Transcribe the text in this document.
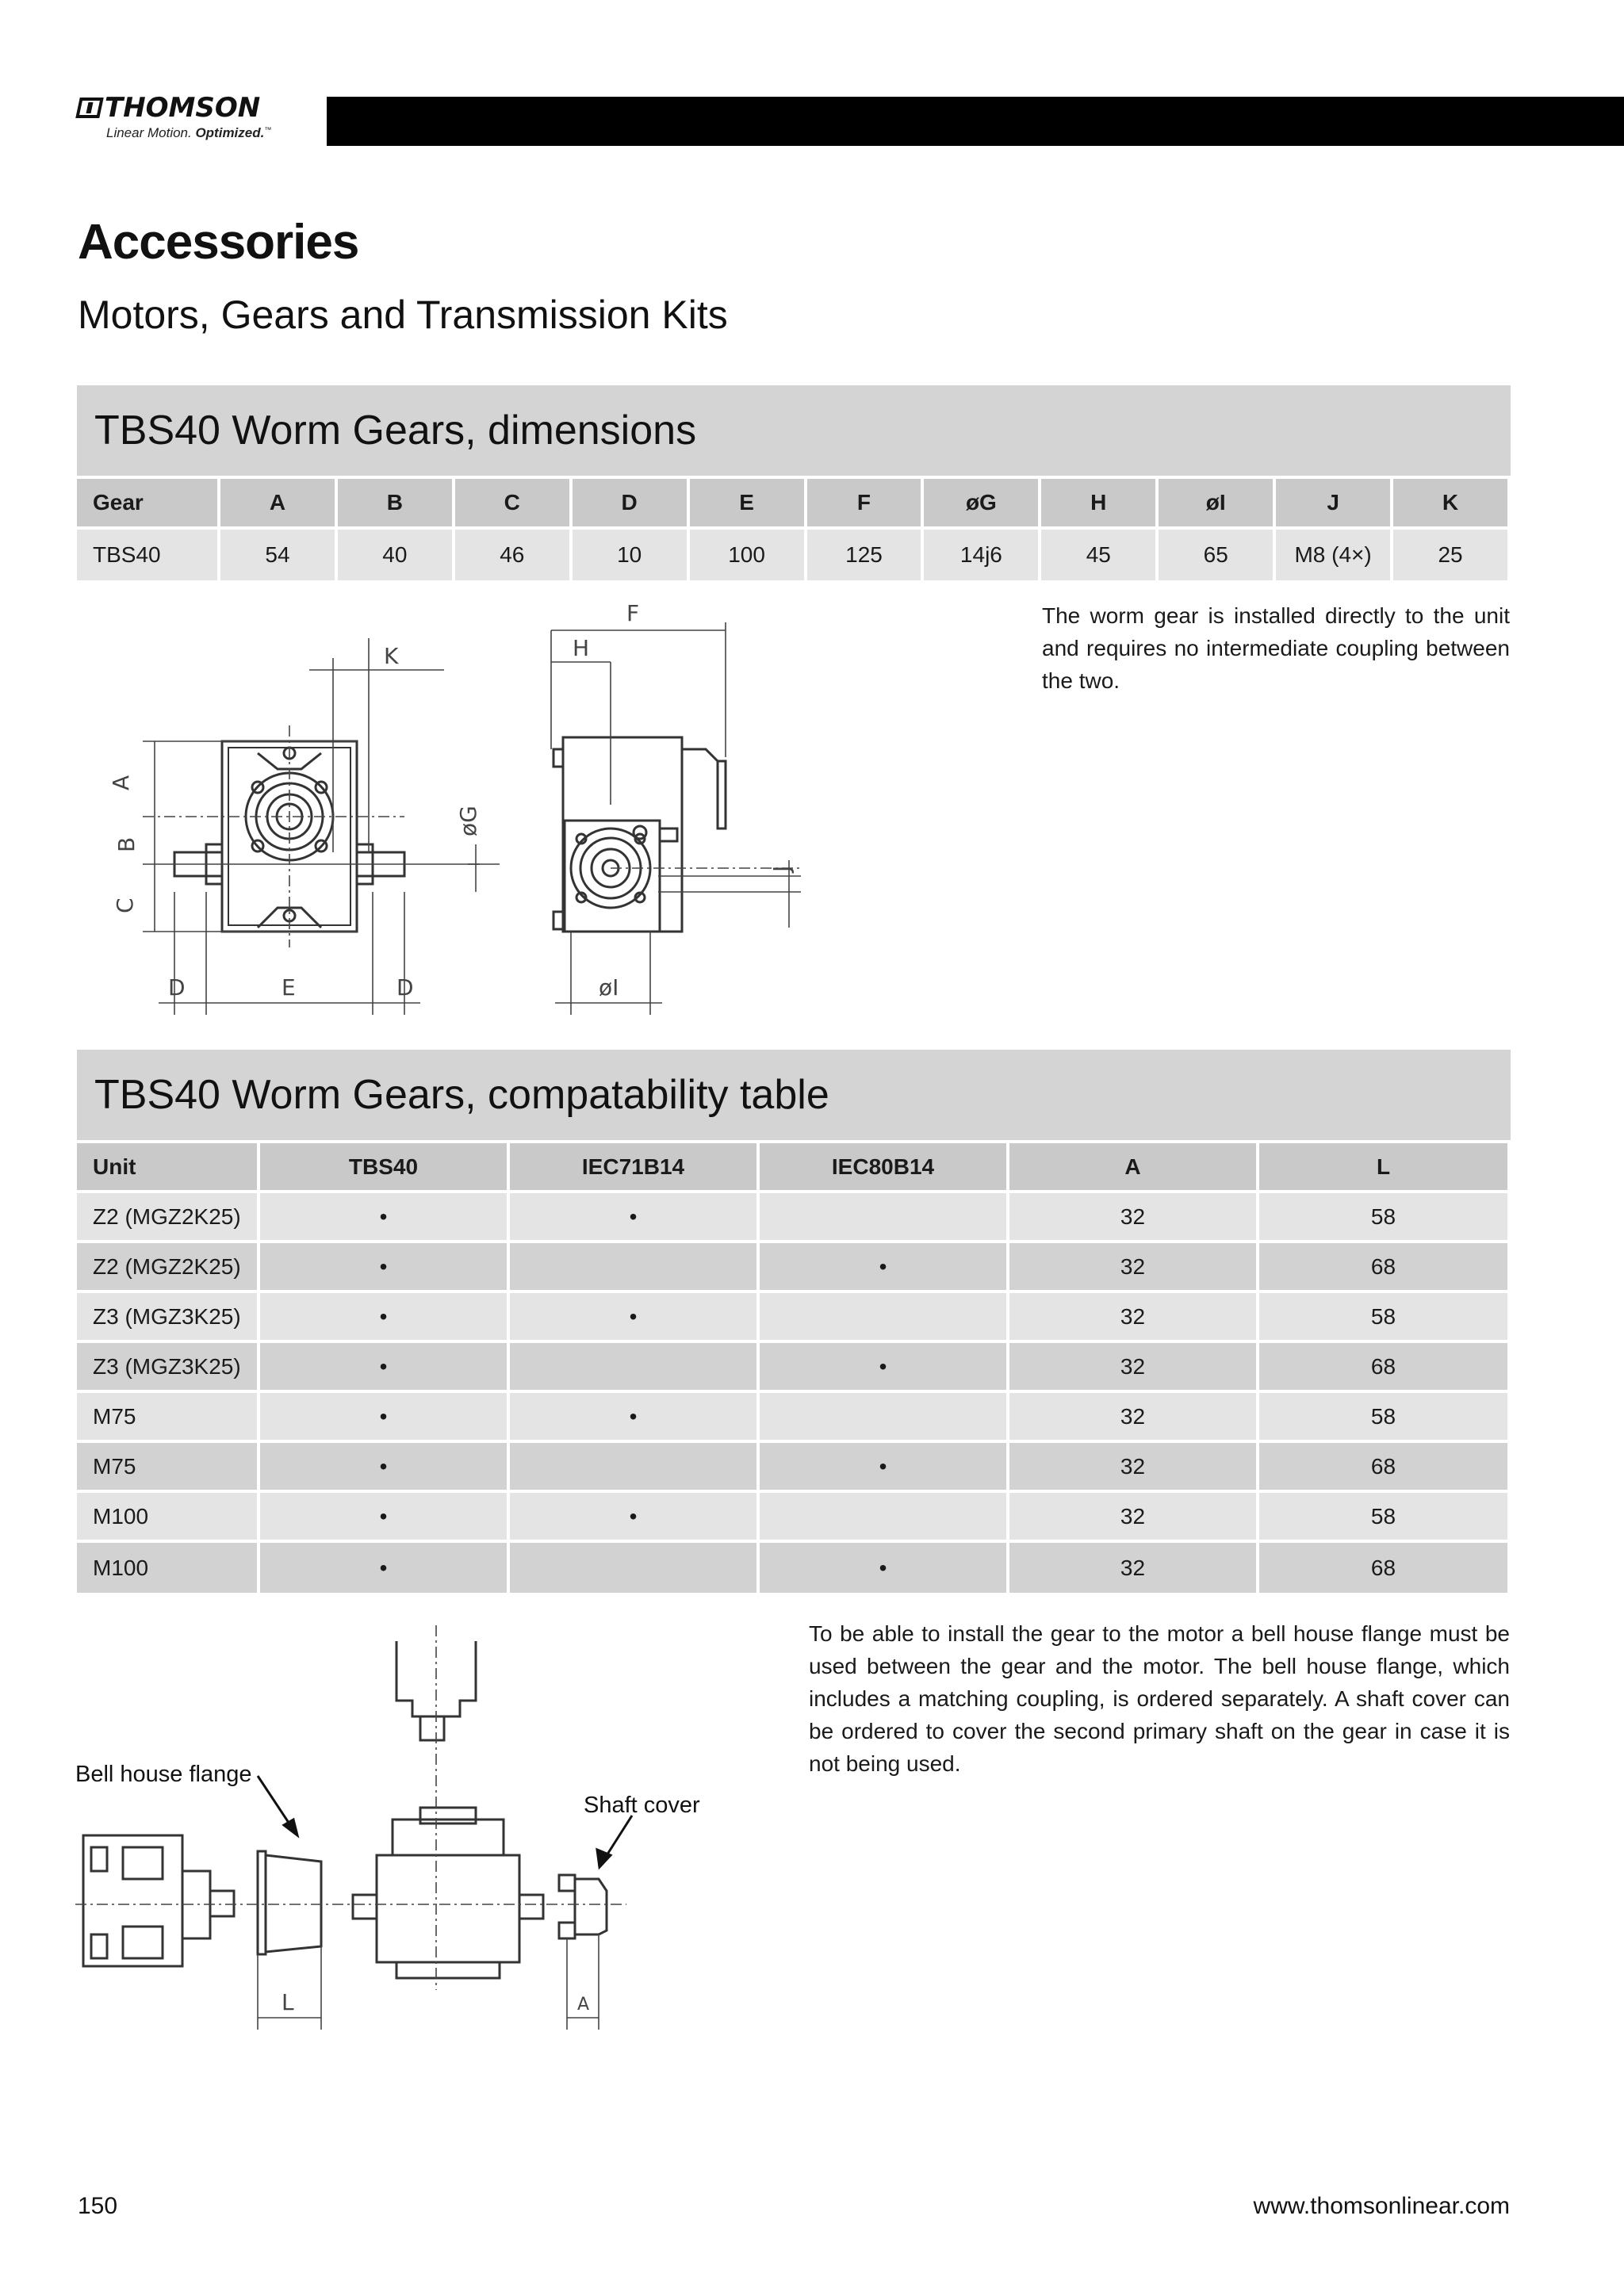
THOMSON
Linear Motion. Optimized.™
Accessories
Motors, Gears and Transmission Kits
TBS40 Worm Gears, dimensions
Gear	A	B	C	D	E	F	øG	H	øI	J	K
TBS40	54	40	46	10	100	125	14j6	45	65	M8 (4×)	25
A
B
C
D	E	D
K
øG
F
H
J
øI
The worm gear is installed directly to the unit and requires no intermediate coupling between the two.
TBS40 Worm Gears, compatability table
Unit	TBS40	IEC71B14	IEC80B14	A	L
Z2 (MGZ2K25)	•	•		32	58
Z2 (MGZ2K25)	•		•	32	68
Z3 (MGZ3K25)	•	•		32	58
Z3 (MGZ3K25)	•		•	32	68
M75	•	•		32	58
M75	•		•	32	68
M100	•	•		32	58
M100	•		•	32	68
Bell house flange
Shaft cover
L	A
To be able to install the gear to the motor a bell house flange must be used between the gear and the motor. The bell house flange, which includes a matching coupling, is ordered separately. A shaft cover can be ordered to cover the second primary shaft on the gear in case it is not being used.
150	www.thomsonlinear.com
